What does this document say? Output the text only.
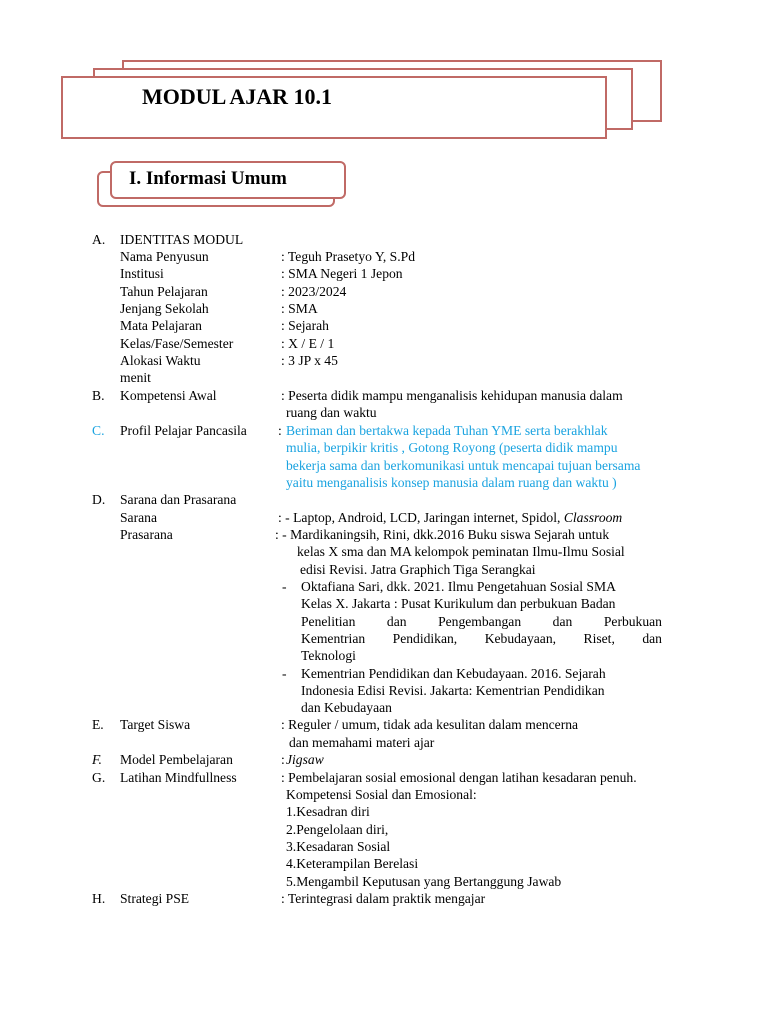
MODUL AJAR 10.1
I. Informasi Umum
A. IDENTITAS MODUL
Nama Penyusun	: Teguh Prasetyo Y, S.Pd
Institusi	: SMA Negeri 1 Jepon
Tahun Pelajaran	: 2023/2024
Jenjang Sekolah	: SMA
Mata Pelajaran	: Sejarah
Kelas/Fase/Semester	: X / E / 1
Alokasi Waktu	: 3 JP x 45
menit
B. Kompetensi Awal	: Peserta didik mampu menganalisis kehidupan manusia dalam
ruang dan waktu
C. Profil Pelajar Pancasila : Beriman dan bertakwa kepada Tuhan YME serta berakhlak
mulia, berpikir kritis , Gotong Royong (peserta didik mampu
bekerja sama dan berkomunikasi untuk mencapai tujuan bersama
yaitu menganalisis konsep manusia dalam ruang dan waktu )
D. Sarana dan Prasarana
Sarana	: - Laptop, Android, LCD, Jaringan internet, Spidol, Classroom
Prasarana	: - Mardikaningsih, Rini, dkk.2016 Buku siswa Sejarah untuk
kelas X sma dan MA kelompok peminatan Ilmu-Ilmu Sosial
edisi Revisi. Jatra Graphich Tiga Serangkai
- Oktafiana Sari, dkk. 2021. Ilmu Pengetahuan Sosial SMA
Kelas X. Jakarta : Pusat Kurikulum dan perbukuan Badan
Penelitian dan Pengembangan dan Perbukuan
Kementrian Pendidikan, Kebudayaan, Riset, dan
Teknologi
- Kementrian Pendidikan dan Kebudayaan. 2016. Sejarah
Indonesia Edisi Revisi. Jakarta: Kementrian Pendidikan
dan Kebudayaan
E. Target Siswa	: Reguler / umum, tidak ada kesulitan dalam mencerna
dan memahami materi ajar
F. Model Pembelajaran	: Jigsaw
G. Latihan Mindfullness	: Pembelajaran sosial emosional dengan latihan kesadaran penuh.
Kompetensi Sosial dan Emosional:
1.Kesadran diri
2.Pengelolaan diri,
3.Kesadaran Sosial
4.Keterampilan Berelasi
5.Mengambil Keputusan yang Bertanggung Jawab
H. Strategi PSE	: Terintegrasi dalam praktik mengajar
